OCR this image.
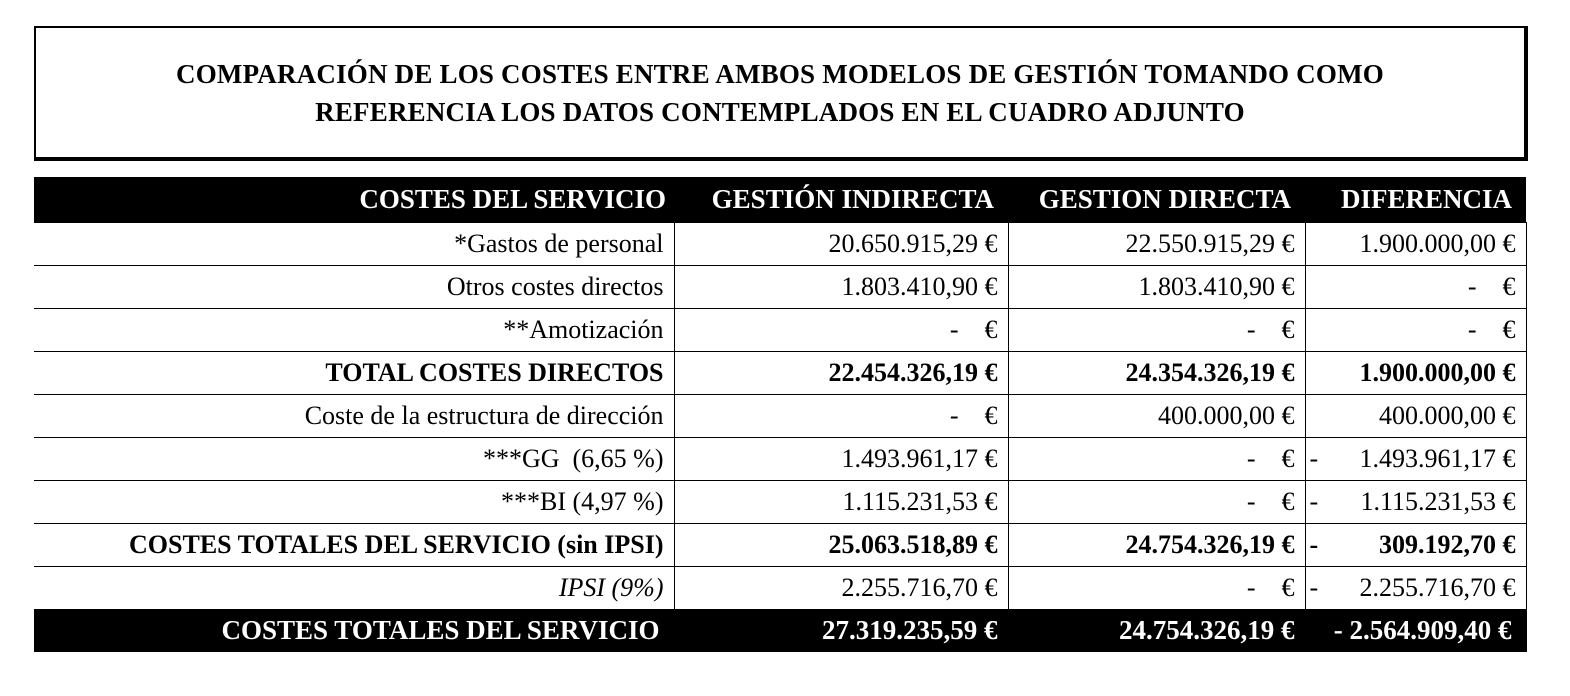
COMPARACIÓN DE LOS COSTES ENTRE AMBOS MODELOS DE GESTIÓN TOMANDO COMO
REFERENCIA LOS DATOS CONTEMPLADOS EN EL CUADRO ADJUNTO
COSTES DEL SERVICIO	GESTIÓN INDIRECTA	GESTION DIRECTA	DIFERENCIA
*Gastos de personal	20.650.915,29 €	22.550.915,29 €	1.900.000,00 €
Otros costes directos	1.803.410,90 €	1.803.410,90 €	- €
**Amotización	- €	- €	- €
TOTAL COSTES DIRECTOS	22.454.326,19 €	24.354.326,19 €	1.900.000,00 €
Coste de la estructura de dirección	- €	400.000,00 €	400.000,00 €
***GG  (6,65 %)	1.493.961,17 €	- €	- 1.493.961,17 €

***BI (4,97 %)	1.115.231,53 €	- €	- 1.115.231,53 €

COSTES TOTALES DEL SERVICIO (sin IPSI)	25.063.518,89 €	24.754.326,19 €	- 309.192,70 €

IPSI (9%)	2.255.716,70 €	- €	- 2.255.716,70 €

COSTES TOTALES DEL SERVICIO	27.319.235,59 €	24.754.326,19 €	- 2.564.909,40 €
